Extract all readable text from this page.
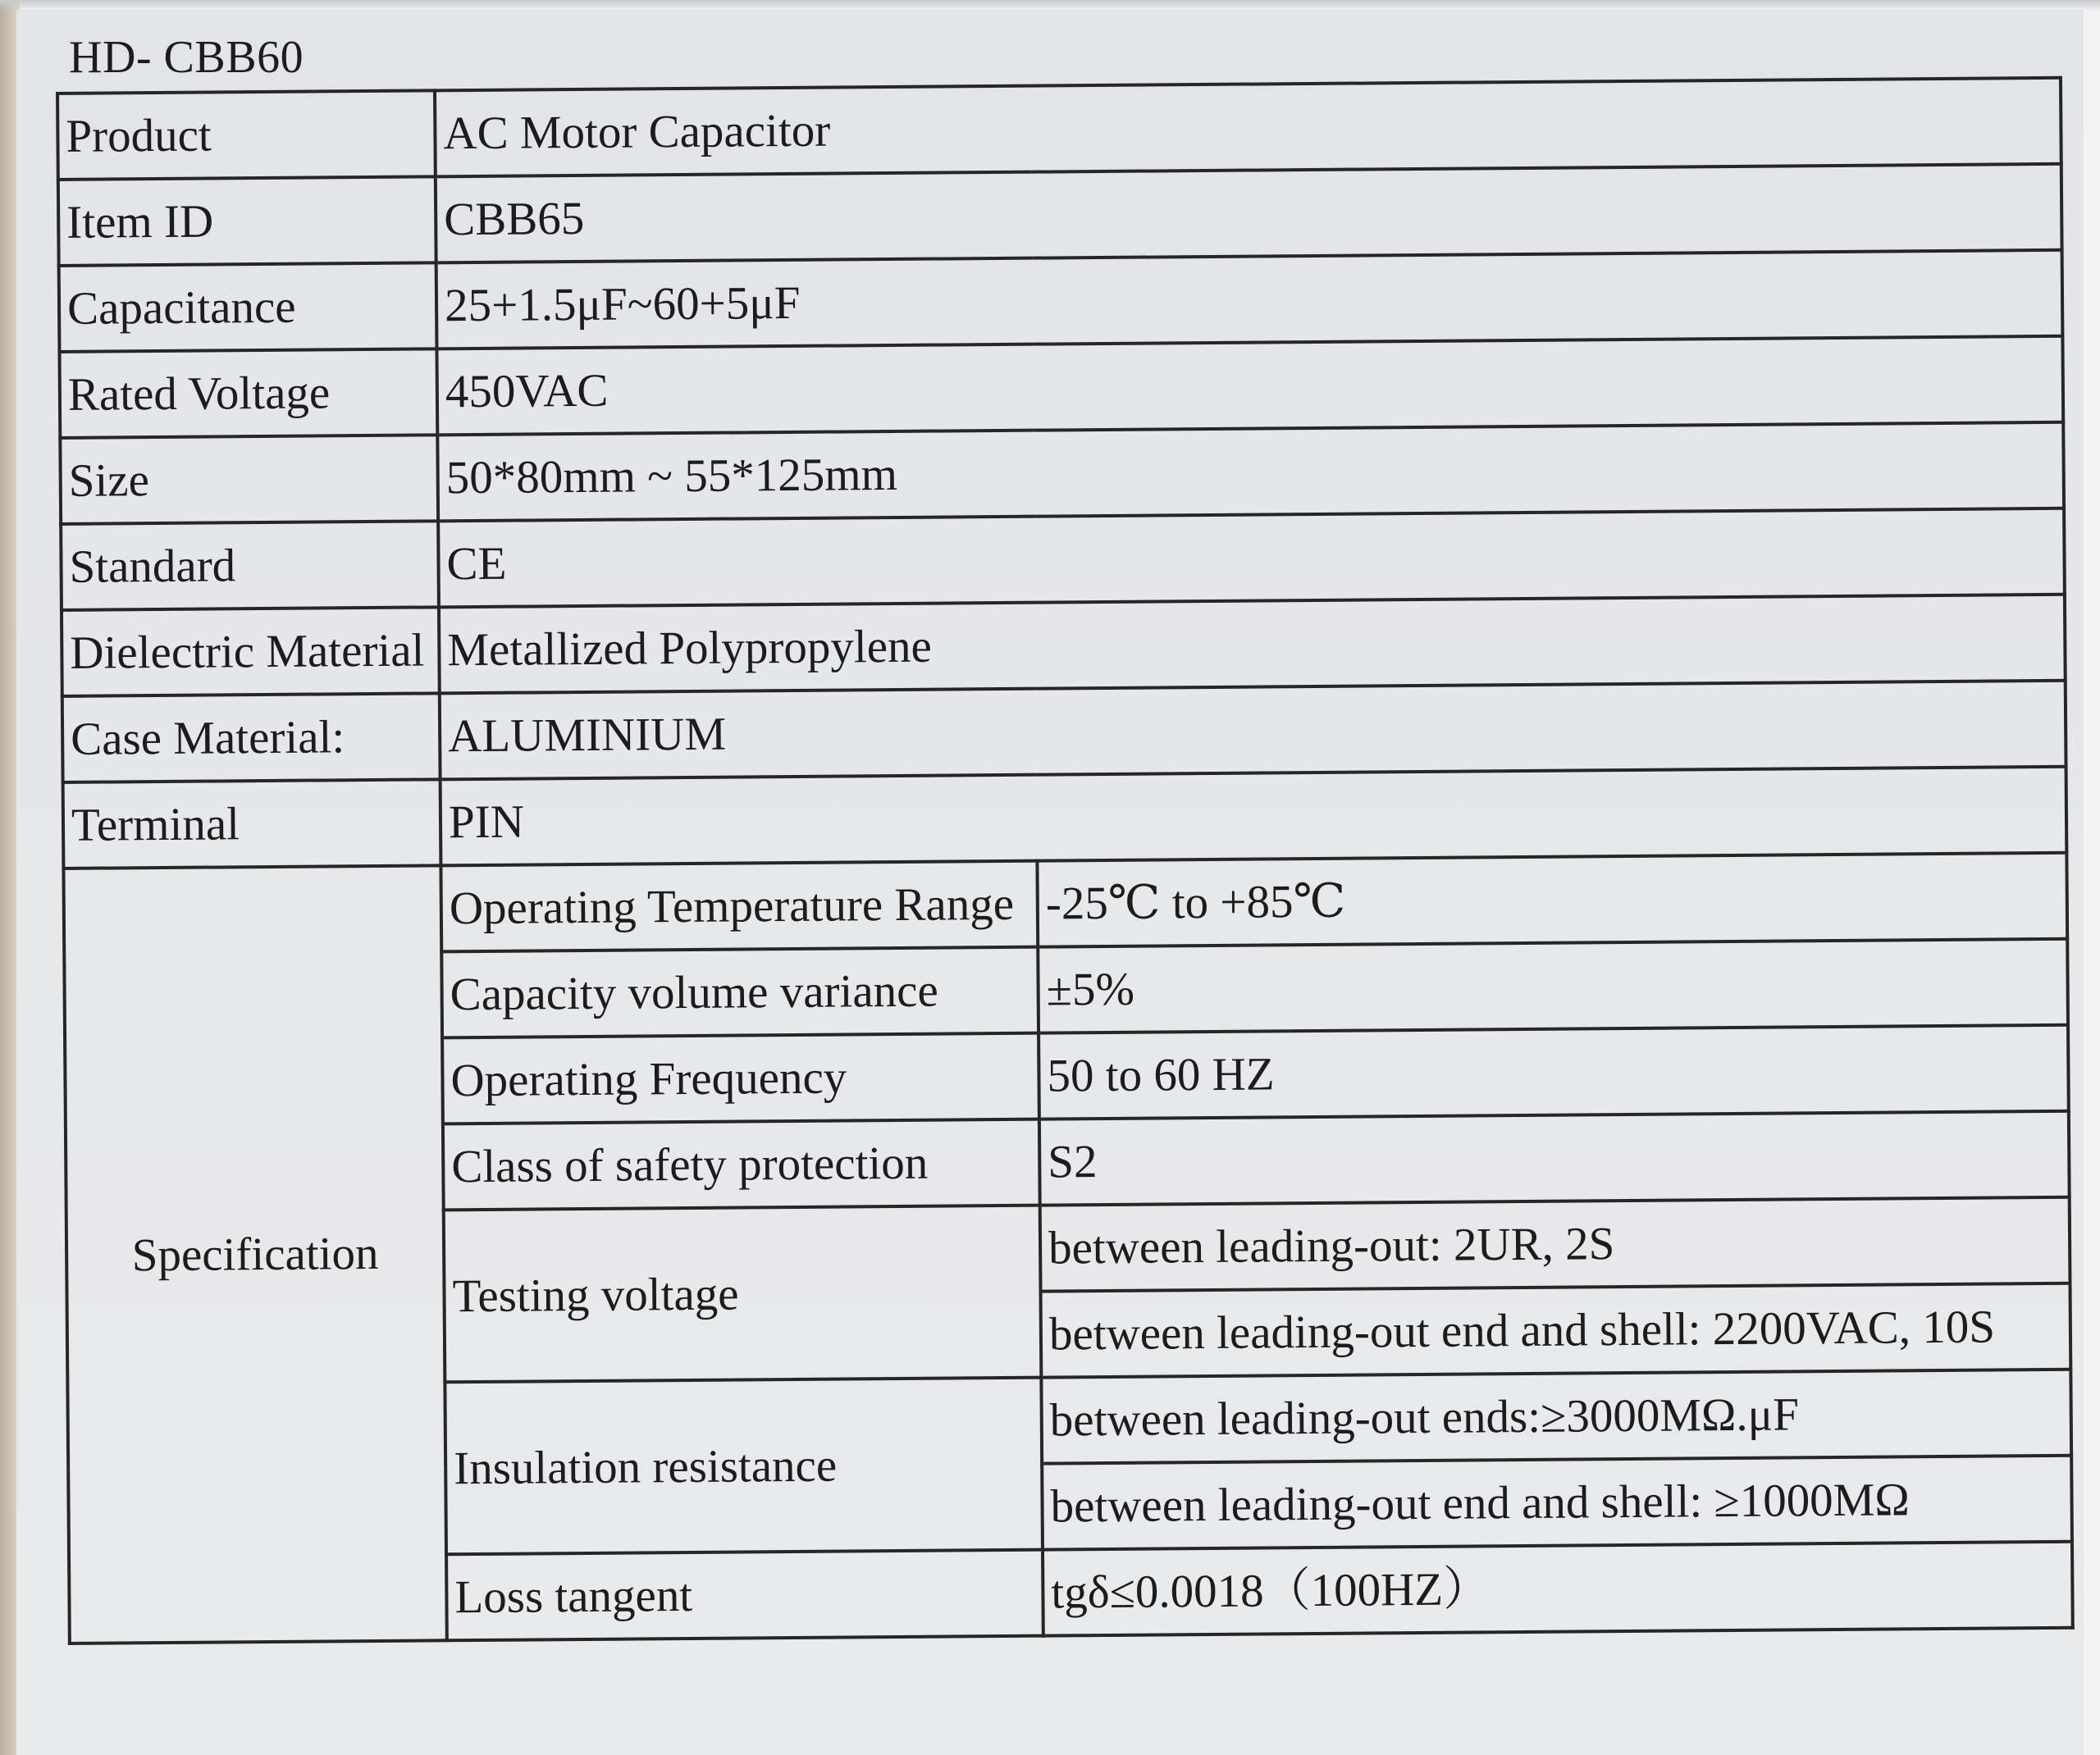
HD- CBB60
Product	AC Motor Capacitor	
Item ID	CBB65	
Capacitance	25+1.5μF~60+5μF	
Rated Voltage	450VAC	
Size	50*80mm ~ 55*125mm	
Standard	CE	
Dielectric Material	Metallized Polypropylene	
Case Material:	ALUMINIUM	
Terminal	PIN	
Specification	Operating Temperature Range	-25℃ to +85℃
	Capacity volume variance	±5%
	Operating Frequency	50 to 60 HZ
	Class of safety protection	S2
	Testing voltage	between leading-out: 2UR, 2S
		between leading-out end and shell: 2200VAC, 10S
	Insulation resistance	between leading-out ends:≥3000MΩ.μF
		between leading-out end and shell: ≥1000MΩ
	Loss tangent	tgδ≤0.0018（100HZ）
